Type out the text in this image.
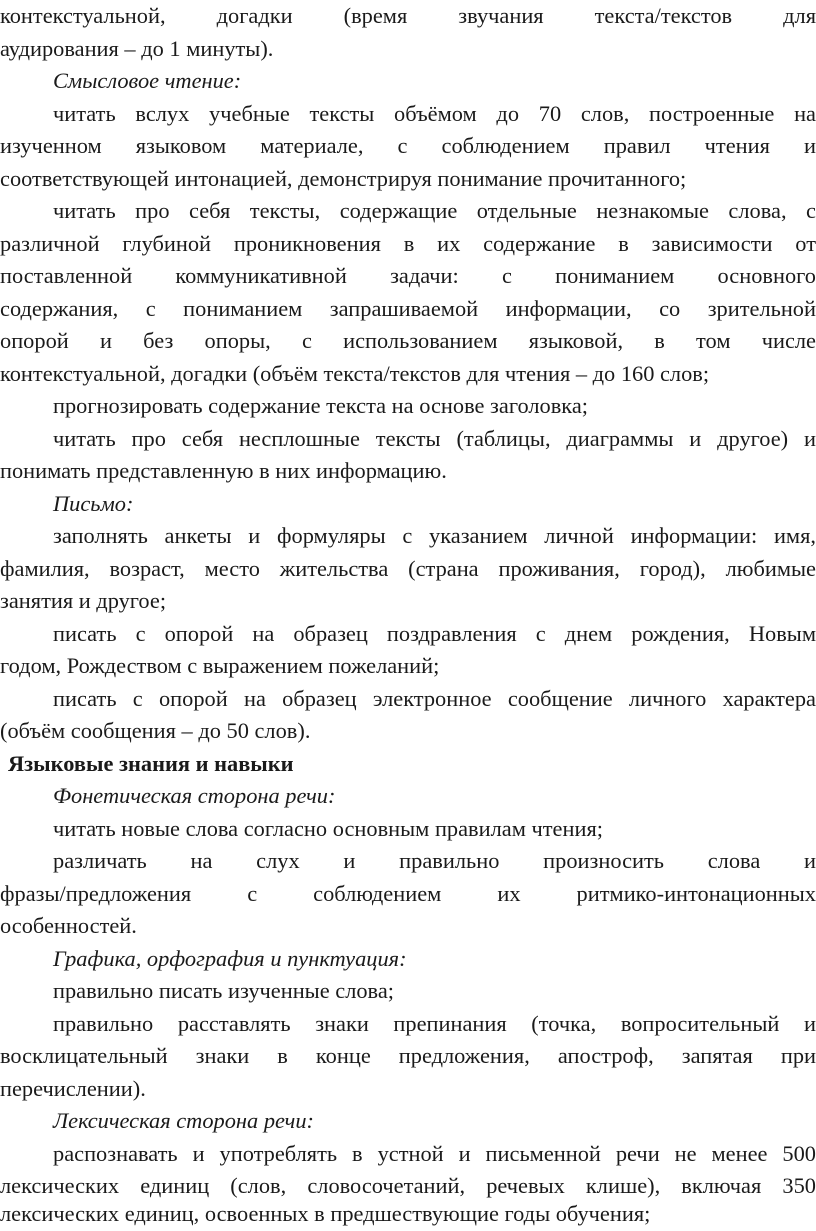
контекстуальной, догадки (время звучания текста/текстов для
аудирования – до 1 минуты).
Смысловое чтение:
читать вслух учебные тексты объёмом до 70 слов, построенные на
изученном языковом материале, с соблюдением правил чтения и
соответствующей интонацией, демонстрируя понимание прочитанного;
читать про себя тексты, содержащие отдельные незнакомые слова, с
различной глубиной проникновения в их содержание в зависимости от
поставленной коммуникативной задачи: с пониманием основного
содержания, с пониманием запрашиваемой информации, со зрительной
опорой и без опоры, с использованием языковой, в том числе
контекстуальной, догадки (объём текста/текстов для чтения – до 160 слов;
прогнозировать содержание текста на основе заголовка;
читать про себя несплошные тексты (таблицы, диаграммы и другое) и
понимать представленную в них информацию.
Письмо:
заполнять анкеты и формуляры с указанием личной информации: имя,
фамилия, возраст, место жительства (страна проживания, город), любимые
занятия и другое;
писать с опорой на образец поздравления с днем рождения, Новым
годом, Рождеством с выражением пожеланий;
писать с опорой на образец электронное сообщение личного характера
(объём сообщения – до 50 слов).
Языковые знания и навыки
Фонетическая сторона речи:
читать новые слова согласно основным правилам чтения;
различать на слух и правильно произносить слова и
фразы/предложения с соблюдением их ритмико-интонационных
особенностей.
Графика, орфография и пунктуация:
правильно писать изученные слова;
правильно расставлять знаки препинания (точка, вопросительный и
восклицательный знаки в конце предложения, апостроф, запятая при
перечислении).
Лексическая сторона речи:
распознавать и употреблять в устной и письменной речи не менее 500
лексических единиц (слов, словосочетаний, речевых клише), включая 350
лексических единиц, освоенных в предшествующие годы обучения;
